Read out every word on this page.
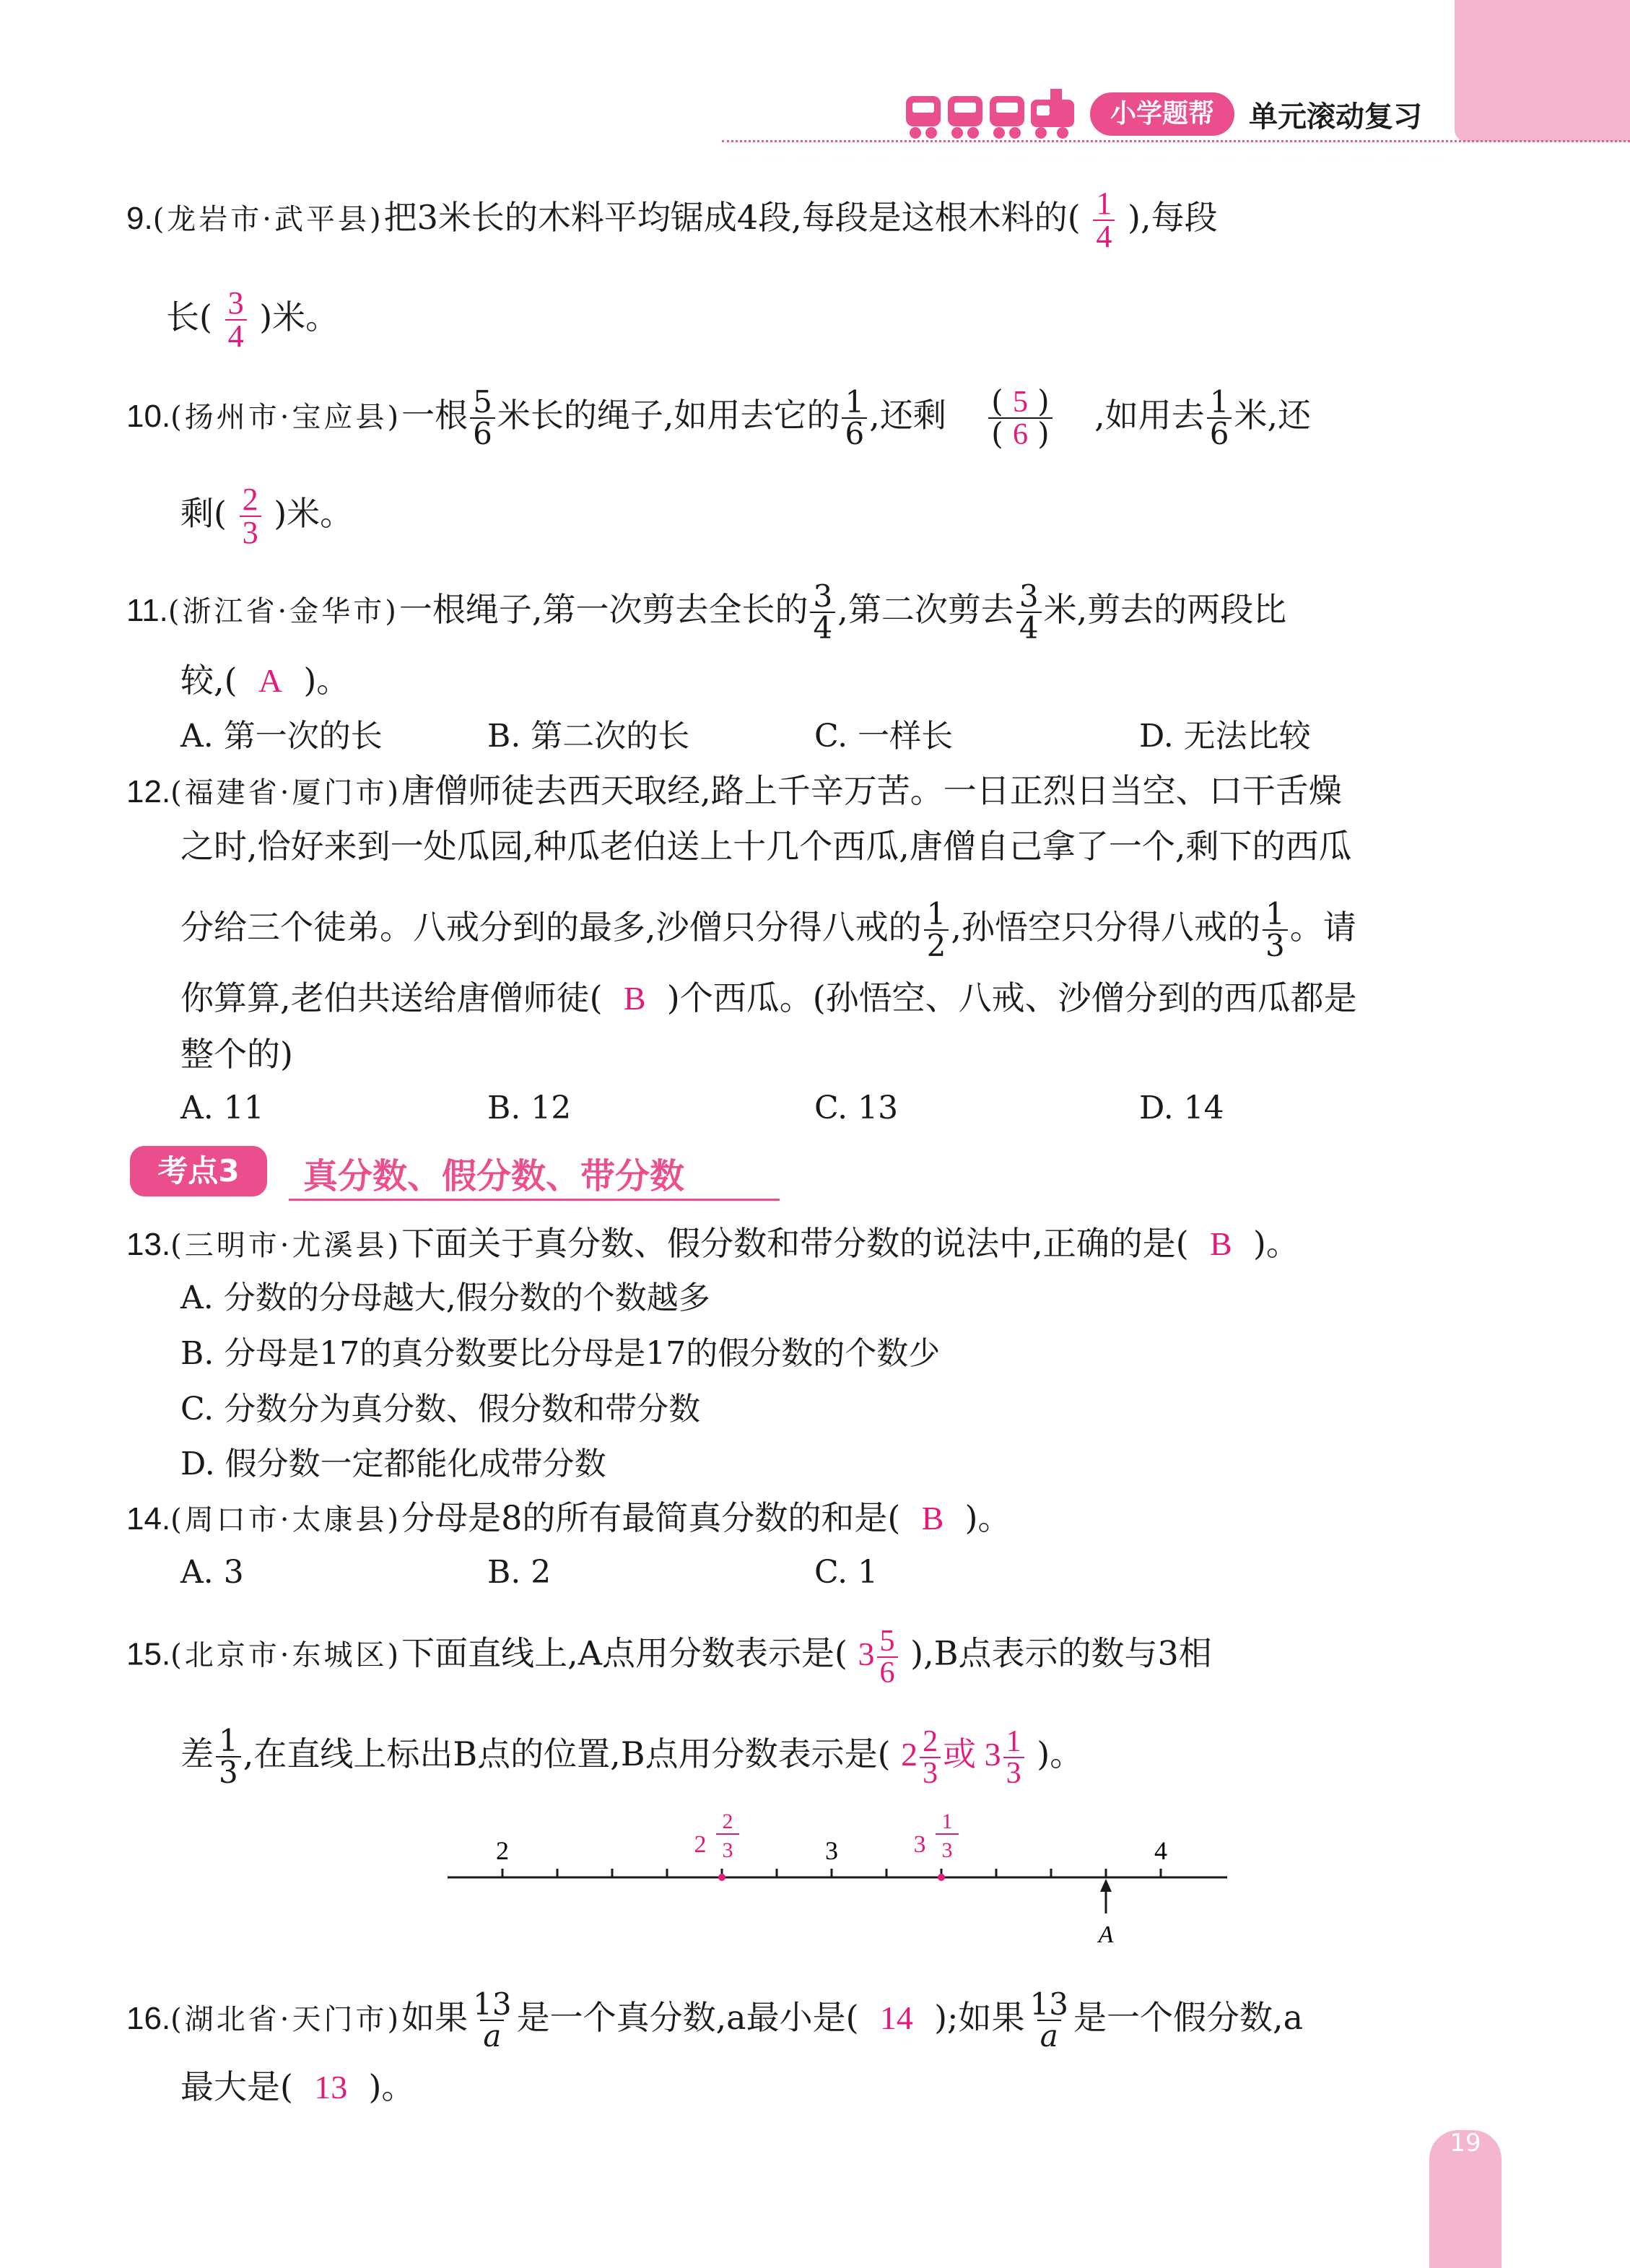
小学题帮	单元滚动复习
9.(龙岩市·武平县)把3米长的木料平均锯成4段,每段是这根木料的( $\frac{1}{4}$ ),每段
长( $\frac{3}{4}$ )米。
10.(扬州市·宝应县)一根 $\frac{5}{6}$ 米长的绳子,如用去它的 $\frac{1}{6}$ ,还剩 $\frac{( 5 )}{( 6 )}$ ,如用去 $\frac{1}{6}$ 米,还
剩( $\frac{2}{3}$ )米。
11.(浙江省·金华市)一根绳子,第一次剪去全长的 $\frac{3}{4}$ ,第二次剪去 $\frac{3}{4}$ 米,剪去的两段比
较,( A )。
A. 第一次的长	B. 第二次的长	C. 一样长	D. 无法比较
12.(福建省·厦门市)唐僧师徒去西天取经,路上千辛万苦。一日正烈日当空、口干舌燥
之时,恰好来到一处瓜园,种瓜老伯送上十几个西瓜,唐僧自己拿了一个,剩下的西瓜
分给三个徒弟。八戒分到的最多,沙僧只分得八戒的 $\frac{1}{2}$ ,孙悟空只分得八戒的 $\frac{1}{3}$ 。请
你算算,老伯共送给唐僧师徒( B )个西瓜。(孙悟空、八戒、沙僧分到的西瓜都是
整个的)
A. 11	B. 12	C. 13	D. 14
考点3	真分数、假分数、带分数
13.(三明市·尤溪县)下面关于真分数、假分数和带分数的说法中,正确的是( B )。
A. 分数的分母越大,假分数的个数越多
B. 分母是17的真分数要比分母是17的假分数的个数少
C. 分数分为真分数、假分数和带分数
D. 假分数一定都能化成带分数
14.(周口市·太康县)分母是8的所有最简真分数的和是( B )。
A. 3	B. 2	C. 1
15.(北京市·东城区)下面直线上,A点用分数表示是( $3 \frac{5}{6} ),B$点表示的数与3相
差 $\frac{1}{3}$ ,在直线上标出B点的位置,B点用分数表示是( $2 \frac{2}{3}$ 或 $3 \frac{1}{3}$ )。
2	3	4
2
2
3	3
1
3
A
16.(湖北省·天门市)如果 $\frac{13}{a}$ 是一个真分数,a最小是( 14 );如果 $\frac{13}{a}$ 是一个假分数,a
最大是( 13 )。
19
